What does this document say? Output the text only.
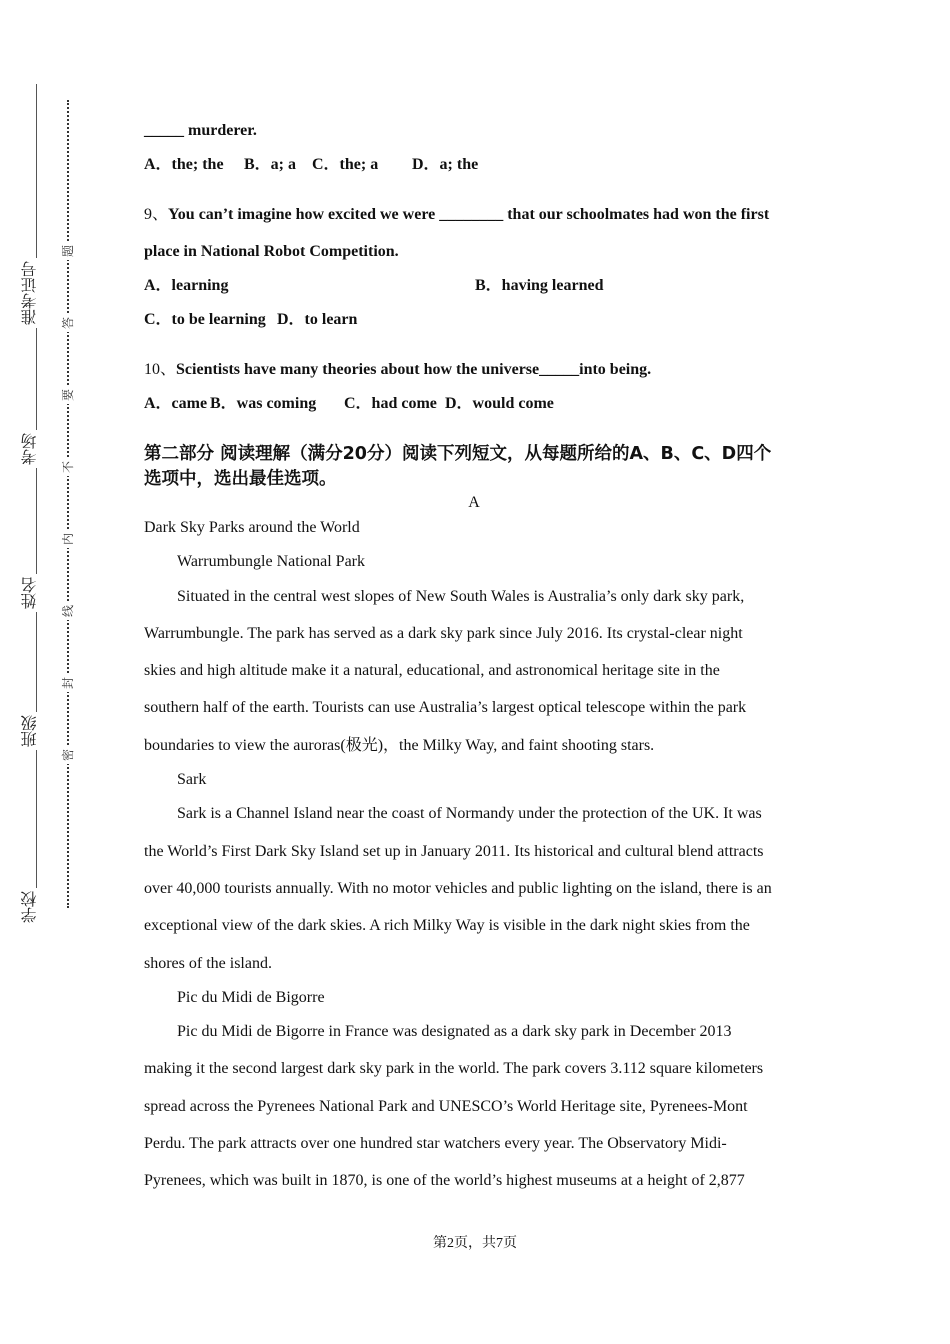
准考证号
考场
姓名
班级
学校
题
答
要
不
内
线
封
密
_____ murderer.
A．the; the B．a; a C．the; a D．a; the
9、You can’t imagine how excited we were ________ that our schoolmates had won the first
place in National Robot Competition.
A．learning	B．having learned
C．to be learning D．to learn
10、Scientists have many theories about how the universe_____into being.
A．came B．was coming C．had come D．would come
第二部分 阅读理解（满分20分）阅读下列短文，从每题所给的A、B、C、D四个
选项中，选出最佳选项。
A
Dark Sky Parks around the World
Warrumbungle National Park
Situated in the central west slopes of New South Wales is Australia’s only dark sky park,
Warrumbungle. The park has served as a dark sky park since July 2016. Its crystal-clear night
skies and high altitude make it a natural, educational, and astronomical heritage site in the
southern half of the earth. Tourists can use Australia’s largest optical telescope within the park
boundaries to view the auroras(极光)，the Milky Way, and faint shooting stars.
Sark
Sark is a Channel Island near the coast of Normandy under the protection of the UK. It was
the World’s First Dark Sky Island set up in January 2011. Its historical and cultural blend attracts
over 40,000 tourists annually. With no motor vehicles and public lighting on the island, there is an
exceptional view of the dark skies. A rich Milky Way is visible in the dark night skies from the
shores of the island.
Pic du Midi de Bigorre
Pic du Midi de Bigorre in France was designated as a dark sky park in December 2013
making it the second largest dark sky park in the world. The park covers 3.112 square kilometers
spread across the Pyrenees National Park and UNESCO’s World Heritage site, Pyrenees-Mont
Perdu. The park attracts over one hundred star watchers every year. The Observatory Midi-
Pyrenees, which was built in 1870, is one of the world’s highest museums at a height of 2,877
第2页，共7页
